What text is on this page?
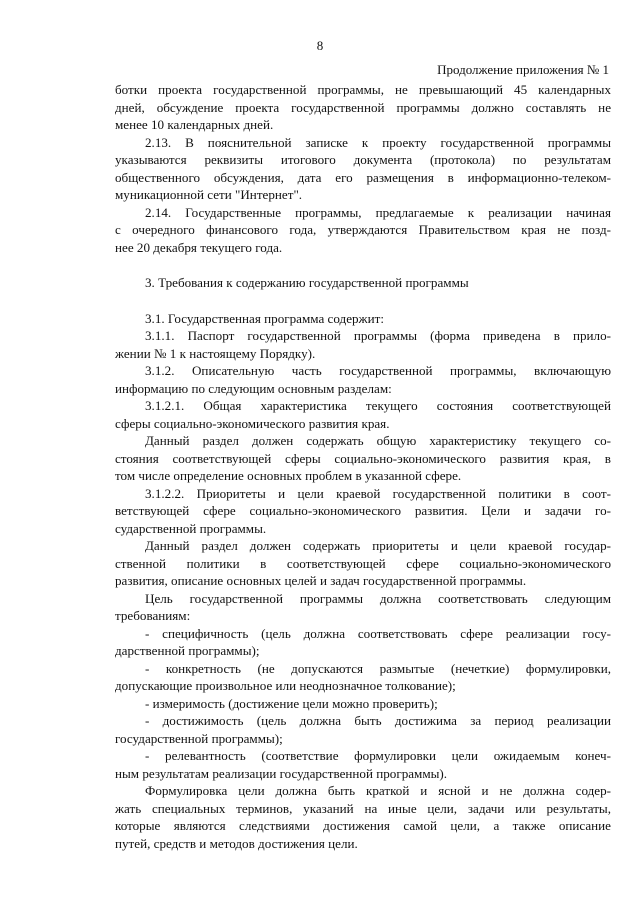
8
Продолжение приложения № 1
ботки проекта государственной программы, не превышающий 45 календарных
дней, обсуждение проекта государственной программы должно составлять не
менее 10 календарных дней.
2.13. В пояснительной записке к проекту государственной программы
указываются реквизиты итогового документа (протокола) по результатам
общественного обсуждения, дата его размещения в информационно-телеком-
муникационной сети "Интернет".
2.14. Государственные программы, предлагаемые к реализации начиная
с очередного финансового года, утверждаются Правительством края не позд-
нее 20 декабря текущего года.
3. Требования к содержанию государственной программы
3.1. Государственная программа содержит:
3.1.1. Паспорт государственной программы (форма приведена в прило-
жении № 1 к настоящему Порядку).
3.1.2. Описательную часть государственной программы, включающую
информацию по следующим основным разделам:
3.1.2.1. Общая характеристика текущего состояния соответствующей
сферы социально-экономического развития края.
Данный раздел должен содержать общую характеристику текущего со-
стояния соответствующей сферы социально-экономического развития края, в
том числе определение основных проблем в указанной сфере.
3.1.2.2. Приоритеты и цели краевой государственной политики в соот-
ветствующей сфере социально-экономического развития. Цели и задачи го-
сударственной программы.
Данный раздел должен содержать приоритеты и цели краевой государ-
ственной политики в соответствующей сфере социально-экономического
развития, описание основных целей и задач государственной программы.
Цель государственной программы должна соответствовать следующим
требованиям:
- специфичность (цель должна соответствовать сфере реализации госу-
дарственной программы);
- конкретность (не допускаются размытые (нечеткие) формулировки,
допускающие произвольное или неоднозначное толкование);
- измеримость (достижение цели можно проверить);
- достижимость (цель должна быть достижима за период реализации
государственной программы);
- релевантность (соответствие формулировки цели ожидаемым конеч-
ным результатам реализации государственной программы).
Формулировка цели должна быть краткой и ясной и не должна содер-
жать специальных терминов, указаний на иные цели, задачи или результаты,
которые являются следствиями достижения самой цели, а также описание
путей, средств и методов достижения цели.
